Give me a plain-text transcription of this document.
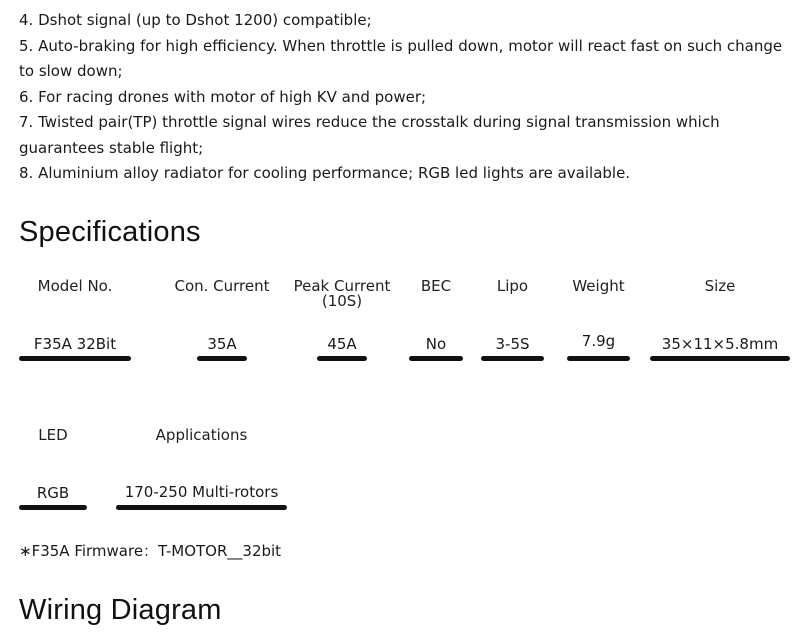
4. Dshot signal (up to Dshot 1200) compatible;

5. Auto-braking for high efficiency. When throttle is pulled down, motor will react fast on such change to slow down;

6. For racing drones with motor of high KV and power;

7. Twisted pair(TP) throttle signal wires reduce the crosstalk during signal transmission which guarantees stable flight;

8. Aluminium alloy radiator for cooling performance; RGB led lights are available.

Specifications
Model No.
F35A 32Bit
Con. Current
35A
Peak Current
(10S)
45A
BEC
No
Lipo
3-5S
Weight
7.9g
Size
35×11×5.8mm
LED
RGB
Applications
170-250 Multi-rotors

∗F35A Firmware：T-MOTOR__32bit

Wiring Diagram
